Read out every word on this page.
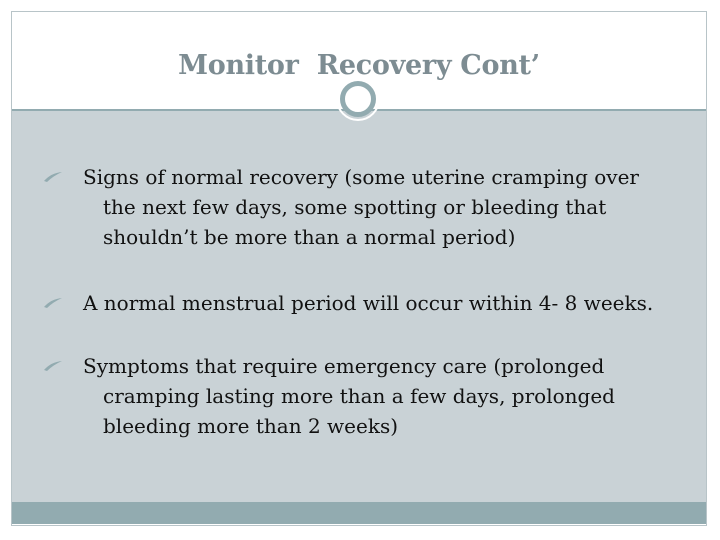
Monitor  Recovery Cont’
Signs of normal recovery (some uterine cramping over the next few days, some spotting or bleeding that shouldn’t be more than a normal period)
A normal menstrual period will occur within 4- 8 weeks.
Symptoms that require emergency care (prolonged cramping lasting more than a few days, prolonged bleeding more than 2 weeks)
